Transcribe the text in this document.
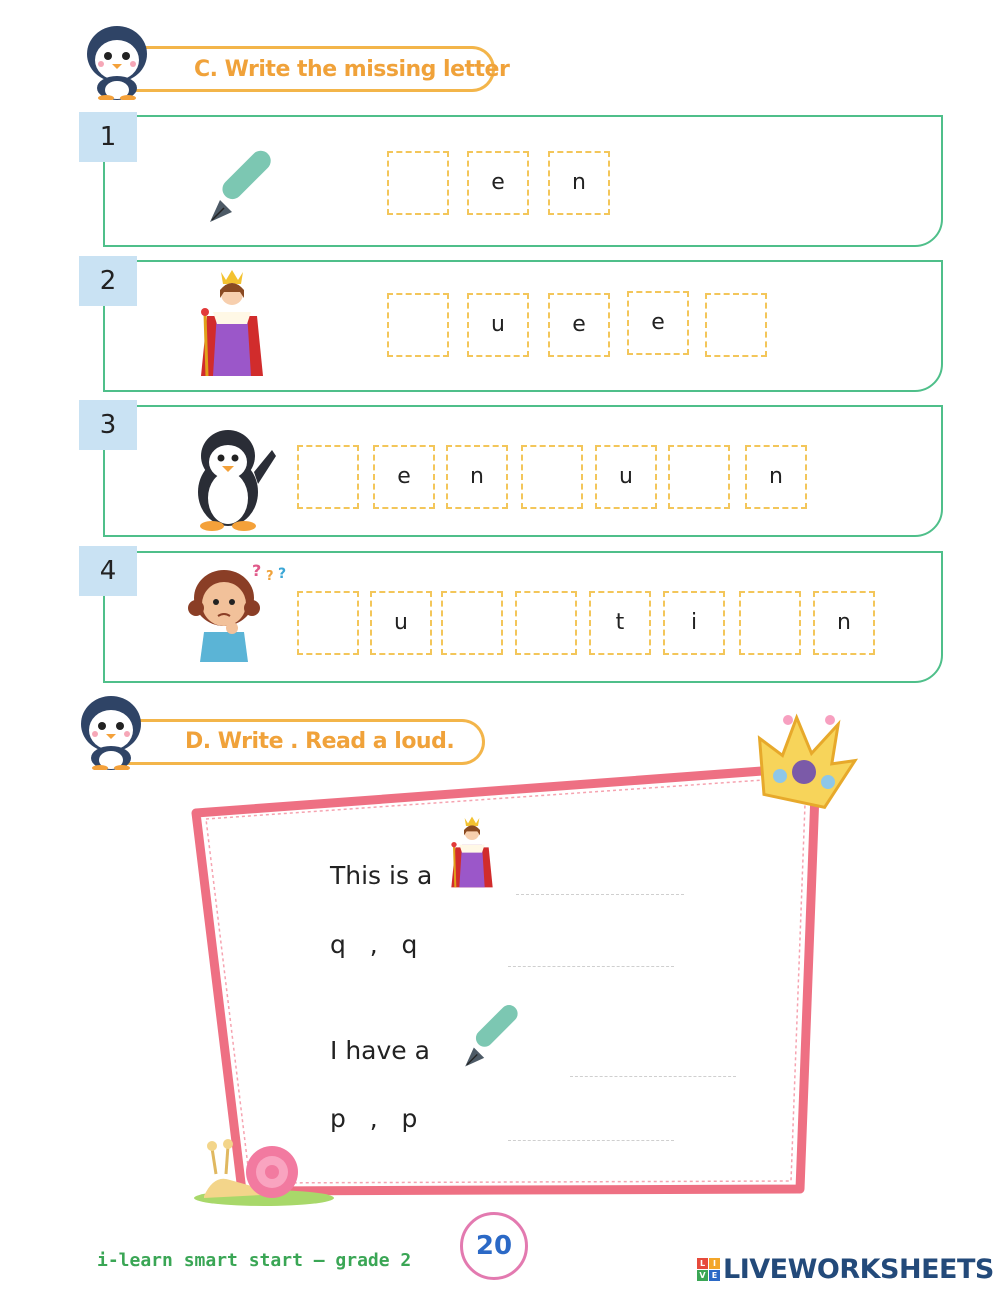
C. Write the missing letter
1
e	n
2
u	e	e
3
e	n	u	n
4	? ? ?
u	t	i	n
D. Write . Read a loud.
This is a
q   ,   q
I have a
p   ,   p
i-learn smart start – grade 2	20
L I
V E LIVEWORKSHEETS
